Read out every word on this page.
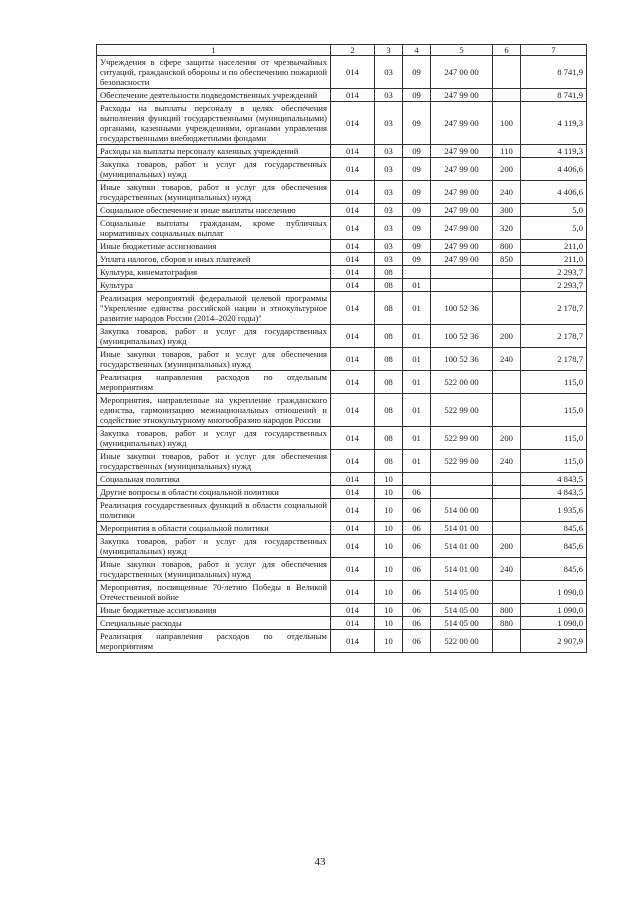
1	2	3	4	5	6	7
Учреждения в сфере защиты населения от чрезвычайных ситуаций, гражданской обороны и по обеспечению пожарной безопасности	014	03	09	247 00 00		8 741,9
Обеспечение деятельности подведомственных учреждений	014	03	09	247 99 00		8 741,9
Расходы на выплаты персоналу в целях обеспечения выполнения функций государственными (муниципальными) органами, казенными учреждениями, органами управления государственными внебюджетными фондами	014	03	09	247 99 00	100	4 119,3
Расходы на выплаты персоналу казенных учреждений	014	03	09	247 99 00	110	4 119,3
Закупка товаров, работ и услуг для государственных (муниципальных) нужд	014	03	09	247 99 00	200	4 406,6
Иные закупки товаров, работ и услуг для обеспечения государственных (муниципальных) нужд	014	03	09	247 99 00	240	4 406,6
Социальное обеспечение и иные выплаты населению	014	03	09	247 99 00	300	5,0
Социальные выплаты гражданам, кроме публичных нормативных социальных выплат	014	03	09	247 99 00	320	5,0
Иные бюджетные ассигнования	014	03	09	247 99 00	800	211,0
Уплата налогов, сборов и иных платежей	014	03	09	247 99 00	850	211,0
Культура, кинематография	014	08				2 293,7
Культура	014	08	01			2 293,7
Реализация мероприятий федеральной целевой программы "Укрепление единства российской нации и этнокультурное развитие народов России (2014–2020 годы)"	014	08	01	100 52 36		2 178,7
Закупка товаров, работ и услуг для государственных (муниципальных) нужд	014	08	01	100 52 36	200	2 178,7
Иные закупки товаров, работ и услуг для обеспечения государственных (муниципальных) нужд	014	08	01	100 52 36	240	2 178,7
Реализация направления расходов по отдельным мероприятиям	014	08	01	522 00 00		115,0
Мероприятия, направленные на укрепление гражданского единства, гармонизацию межнациональных отношений и содействие этнокультурному многообразию народов России	014	08	01	522 99 00		115,0
Закупка товаров, работ и услуг для государственных (муниципальных) нужд	014	08	01	522 99 00	200	115,0
Иные закупки товаров, работ и услуг для обеспечения государственных (муниципальных) нужд	014	08	01	522 99 00	240	115,0
Социальная политика	014	10				4 843,5
Другие вопросы в области социальной политики	014	10	06			4 843,5
Реализация государственных функций в области социальной политики	014	10	06	514 00 00		1 935,6
Мероприятия в области социальной политики	014	10	06	514 01 00		845,6
Закупка товаров, работ и услуг для государственных (муниципальных) нужд	014	10	06	514 01 00	200	845,6
Иные закупки товаров, работ и услуг для обеспечения государственных (муниципальных) нужд	014	10	06	514 01 00	240	845,6
Мероприятия, посвященные 70-летию Победы в Великой Отечественной войне	014	10	06	514 05 00		1 090,0
Иные бюджетные ассигнования	014	10	06	514 05 00	800	1 090,0
Специальные расходы	014	10	06	514 05 00	880	1 090,0
Реализация направления расходов по отдельным мероприятиям	014	10	06	522 00 00		2 907,9
43
